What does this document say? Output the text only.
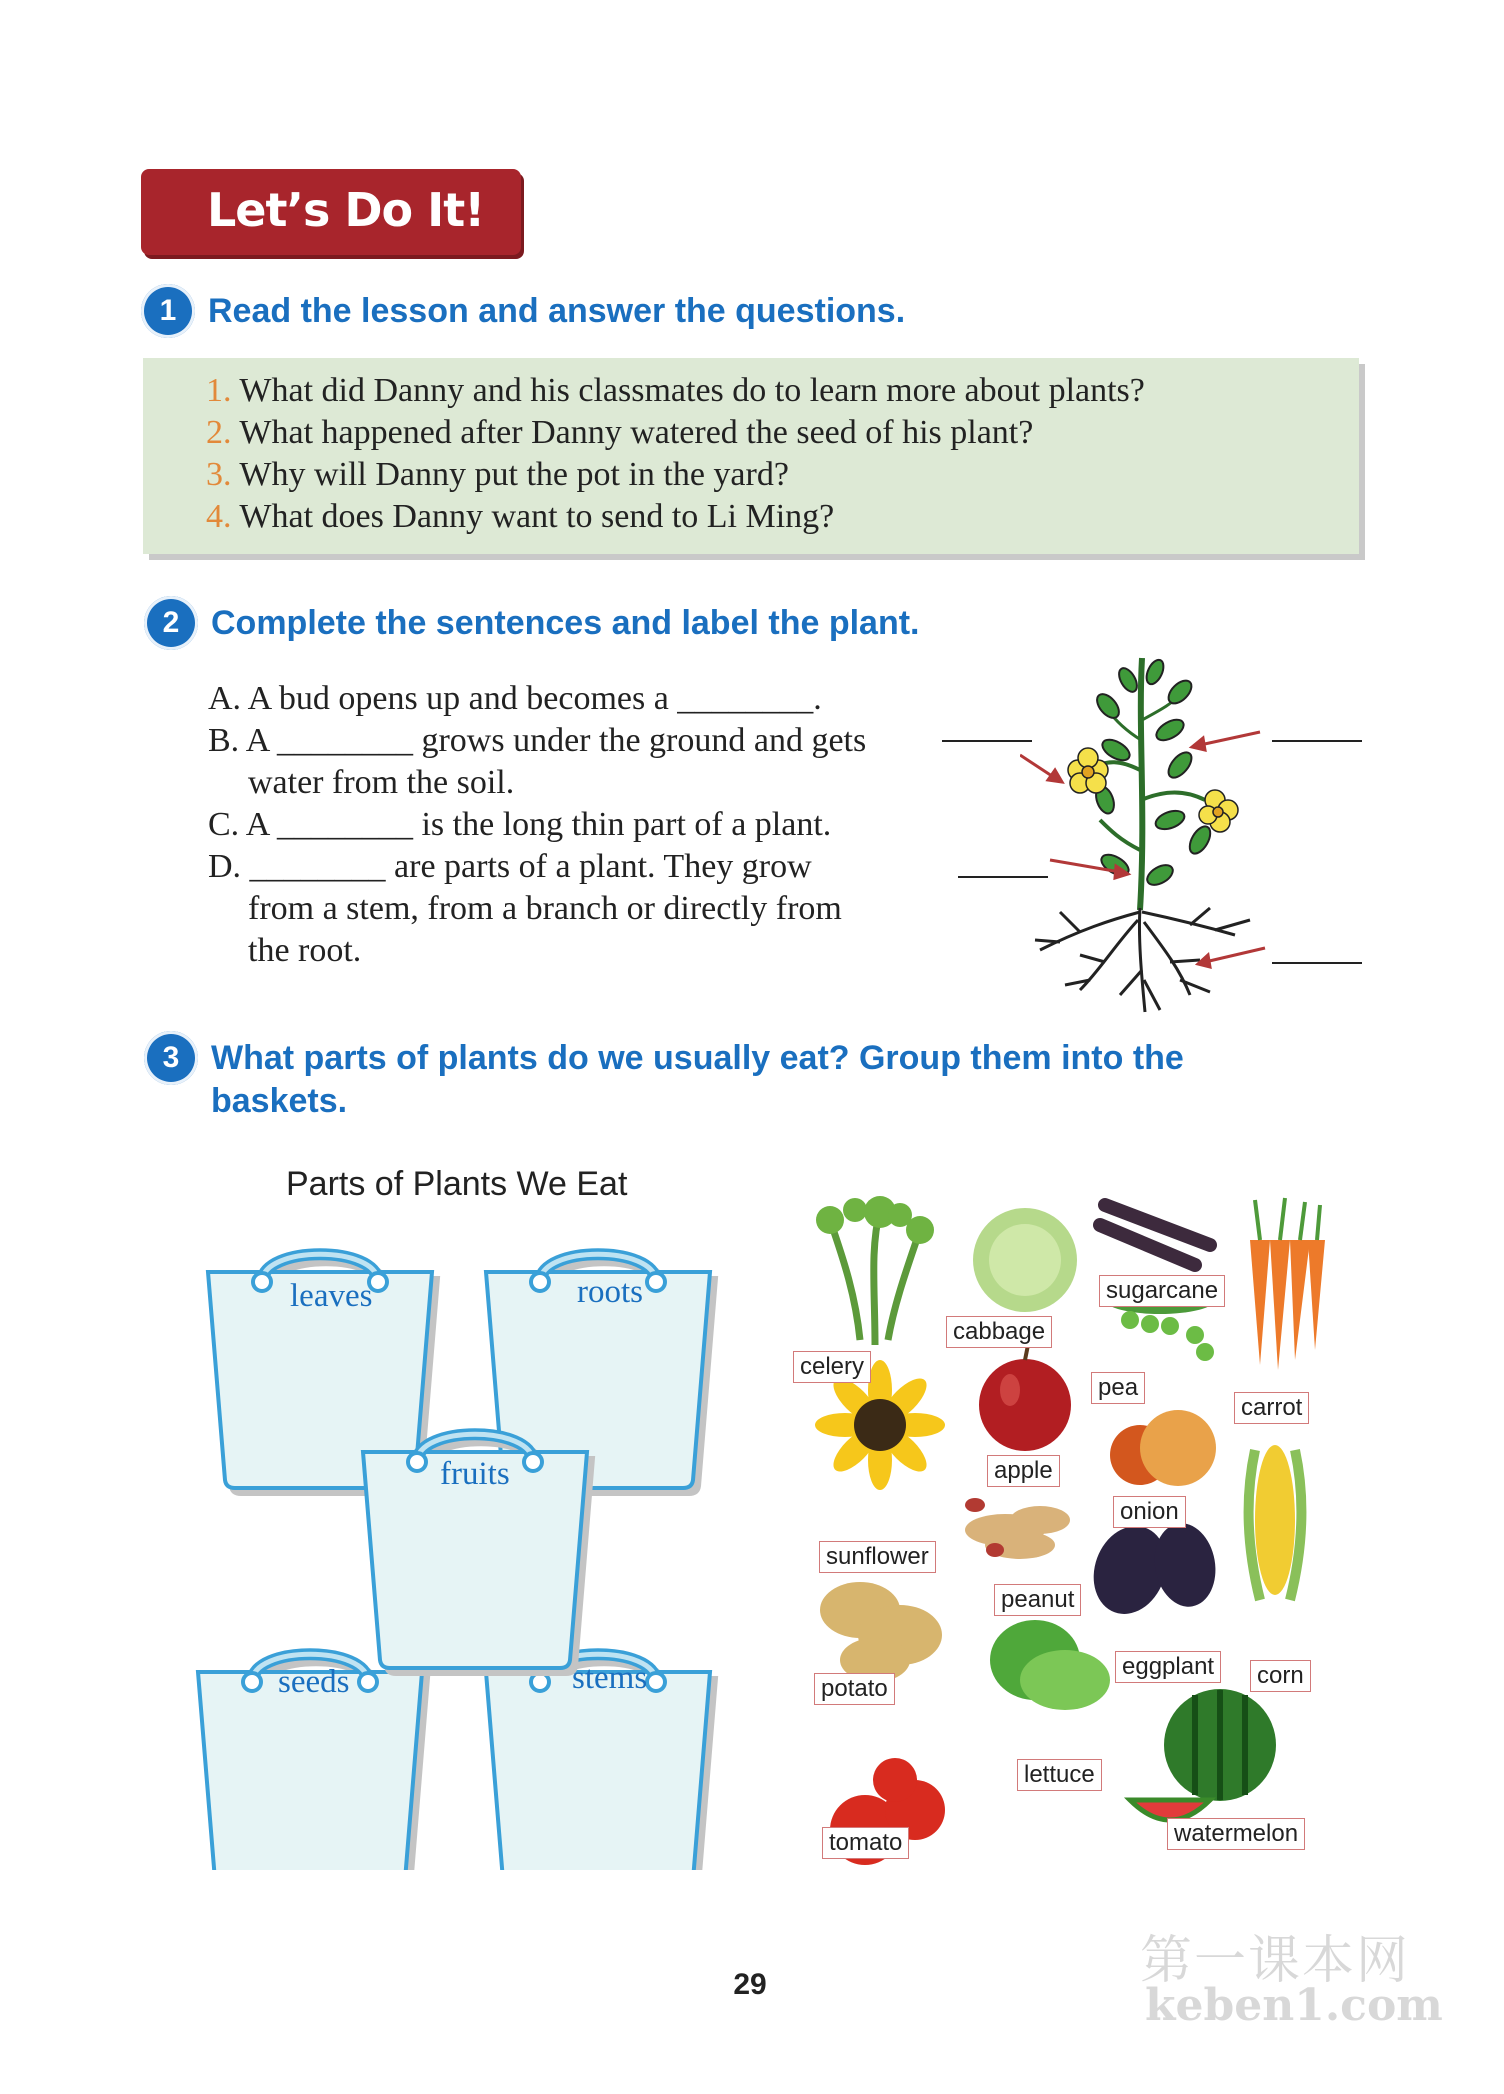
Let’s Do It!
1 Read the lesson and answer the questions.
1. What did Danny and his classmates do to learn more about plants?
2. What happened after Danny watered the seed of his plant?
3. Why will Danny put the pot in the yard?
4. What does Danny want to send to Li Ming?
2 Complete the sentences and label the plant.
A. A bud opens up and becomes a ________.
B. A ________ grows under the ground and gets
water from the soil.
C. A ________ is the long thin part of a plant.
D. ________ are parts of a plant. They grow
from a stem, from a branch or directly from
the root.
3 What parts of plants do we usually eat? Group them into the
baskets.
Parts of Plants We Eat
leaves	roots
fruits
seeds	stems
celery
cabbage
sugarcane
pea
carrot
apple
sunflower
onion
peanut
potato
eggplant corn
lettuce
tomato	watermelon
29	第一课本网
keben1.com
